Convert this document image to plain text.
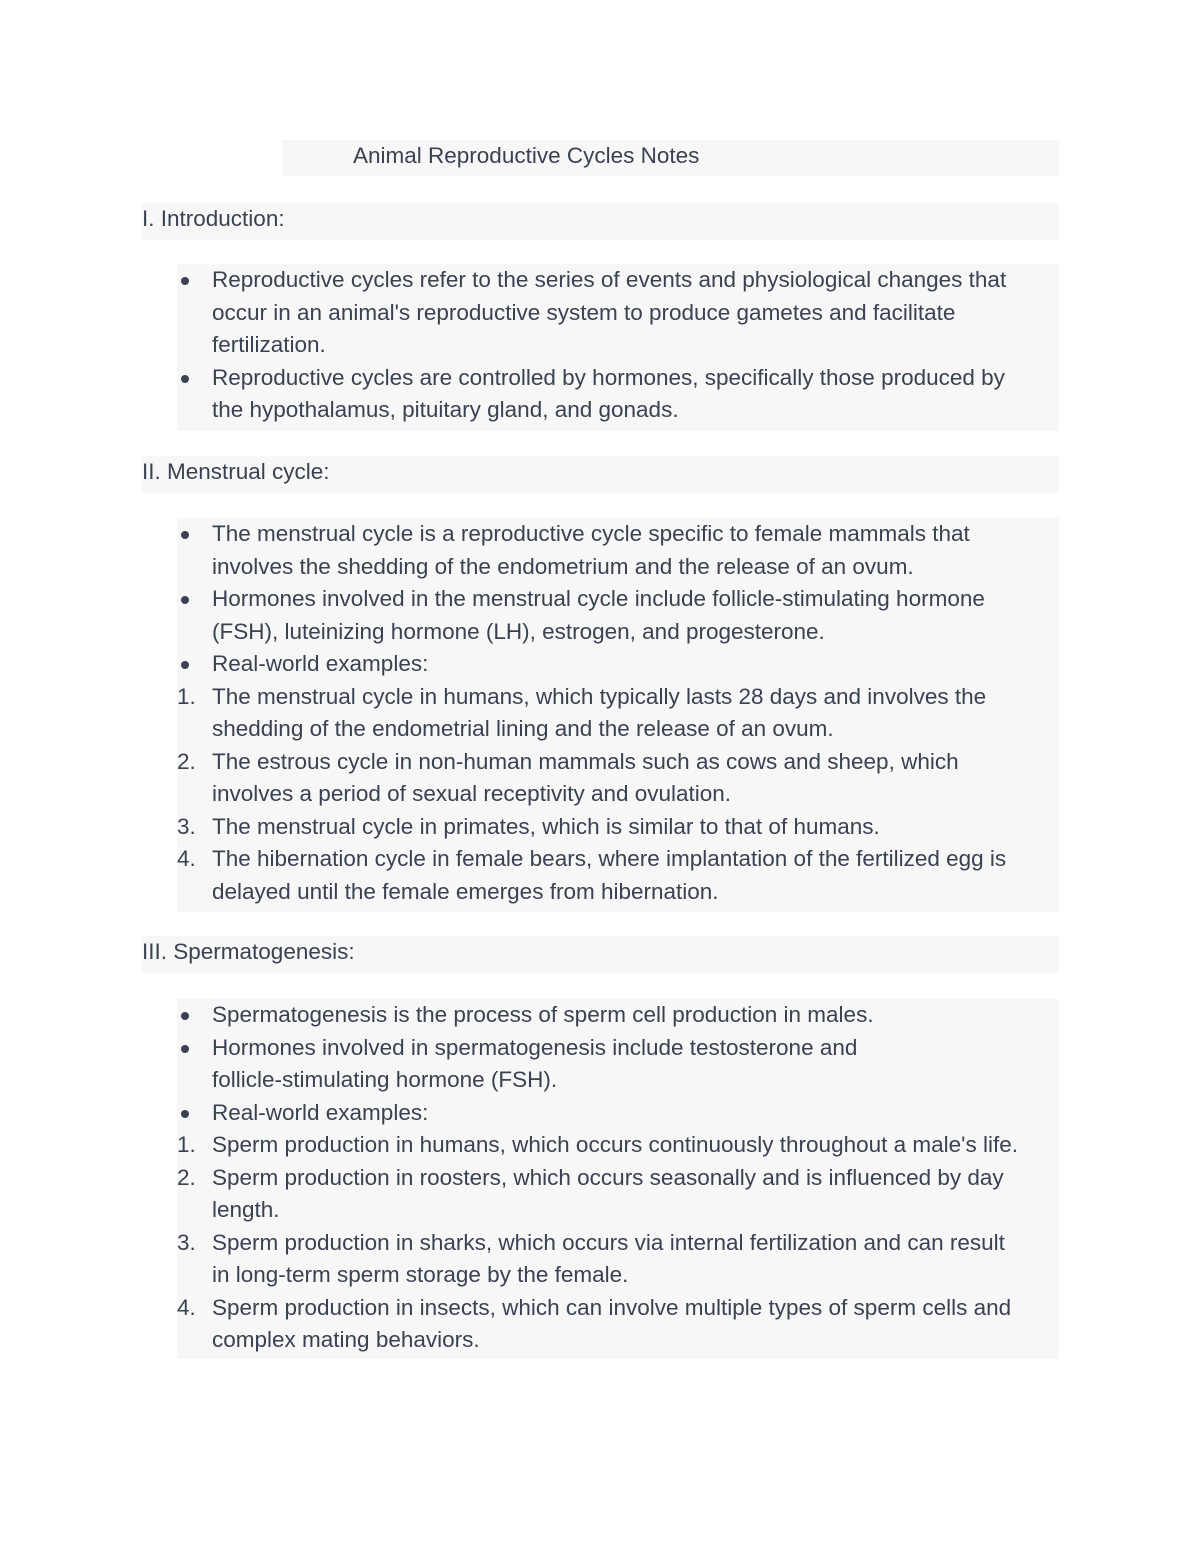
Animal Reproductive Cycles Notes
I. Introduction:
Reproductive cycles refer to the series of events and physiological changes that
occur in an animal's reproductive system to produce gametes and facilitate
fertilization.
Reproductive cycles are controlled by hormones, specifically those produced by
the hypothalamus, pituitary gland, and gonads.
II. Menstrual cycle:
The menstrual cycle is a reproductive cycle specific to female mammals that
involves the shedding of the endometrium and the release of an ovum.
Hormones involved in the menstrual cycle include follicle-stimulating hormone
(FSH), luteinizing hormone (LH), estrogen, and progesterone.
Real-world examples:
1. The menstrual cycle in humans, which typically lasts 28 days and involves the
shedding of the endometrial lining and the release of an ovum.
2. The estrous cycle in non-human mammals such as cows and sheep, which
involves a period of sexual receptivity and ovulation.
3. The menstrual cycle in primates, which is similar to that of humans.
4. The hibernation cycle in female bears, where implantation of the fertilized egg is
delayed until the female emerges from hibernation.
III. Spermatogenesis:
Spermatogenesis is the process of sperm cell production in males.
Hormones involved in spermatogenesis include testosterone and
follicle-stimulating hormone (FSH).
Real-world examples:
1. Sperm production in humans, which occurs continuously throughout a male's life.
2. Sperm production in roosters, which occurs seasonally and is influenced by day
length.
3. Sperm production in sharks, which occurs via internal fertilization and can result
in long-term sperm storage by the female.
4. Sperm production in insects, which can involve multiple types of sperm cells and
complex mating behaviors.
